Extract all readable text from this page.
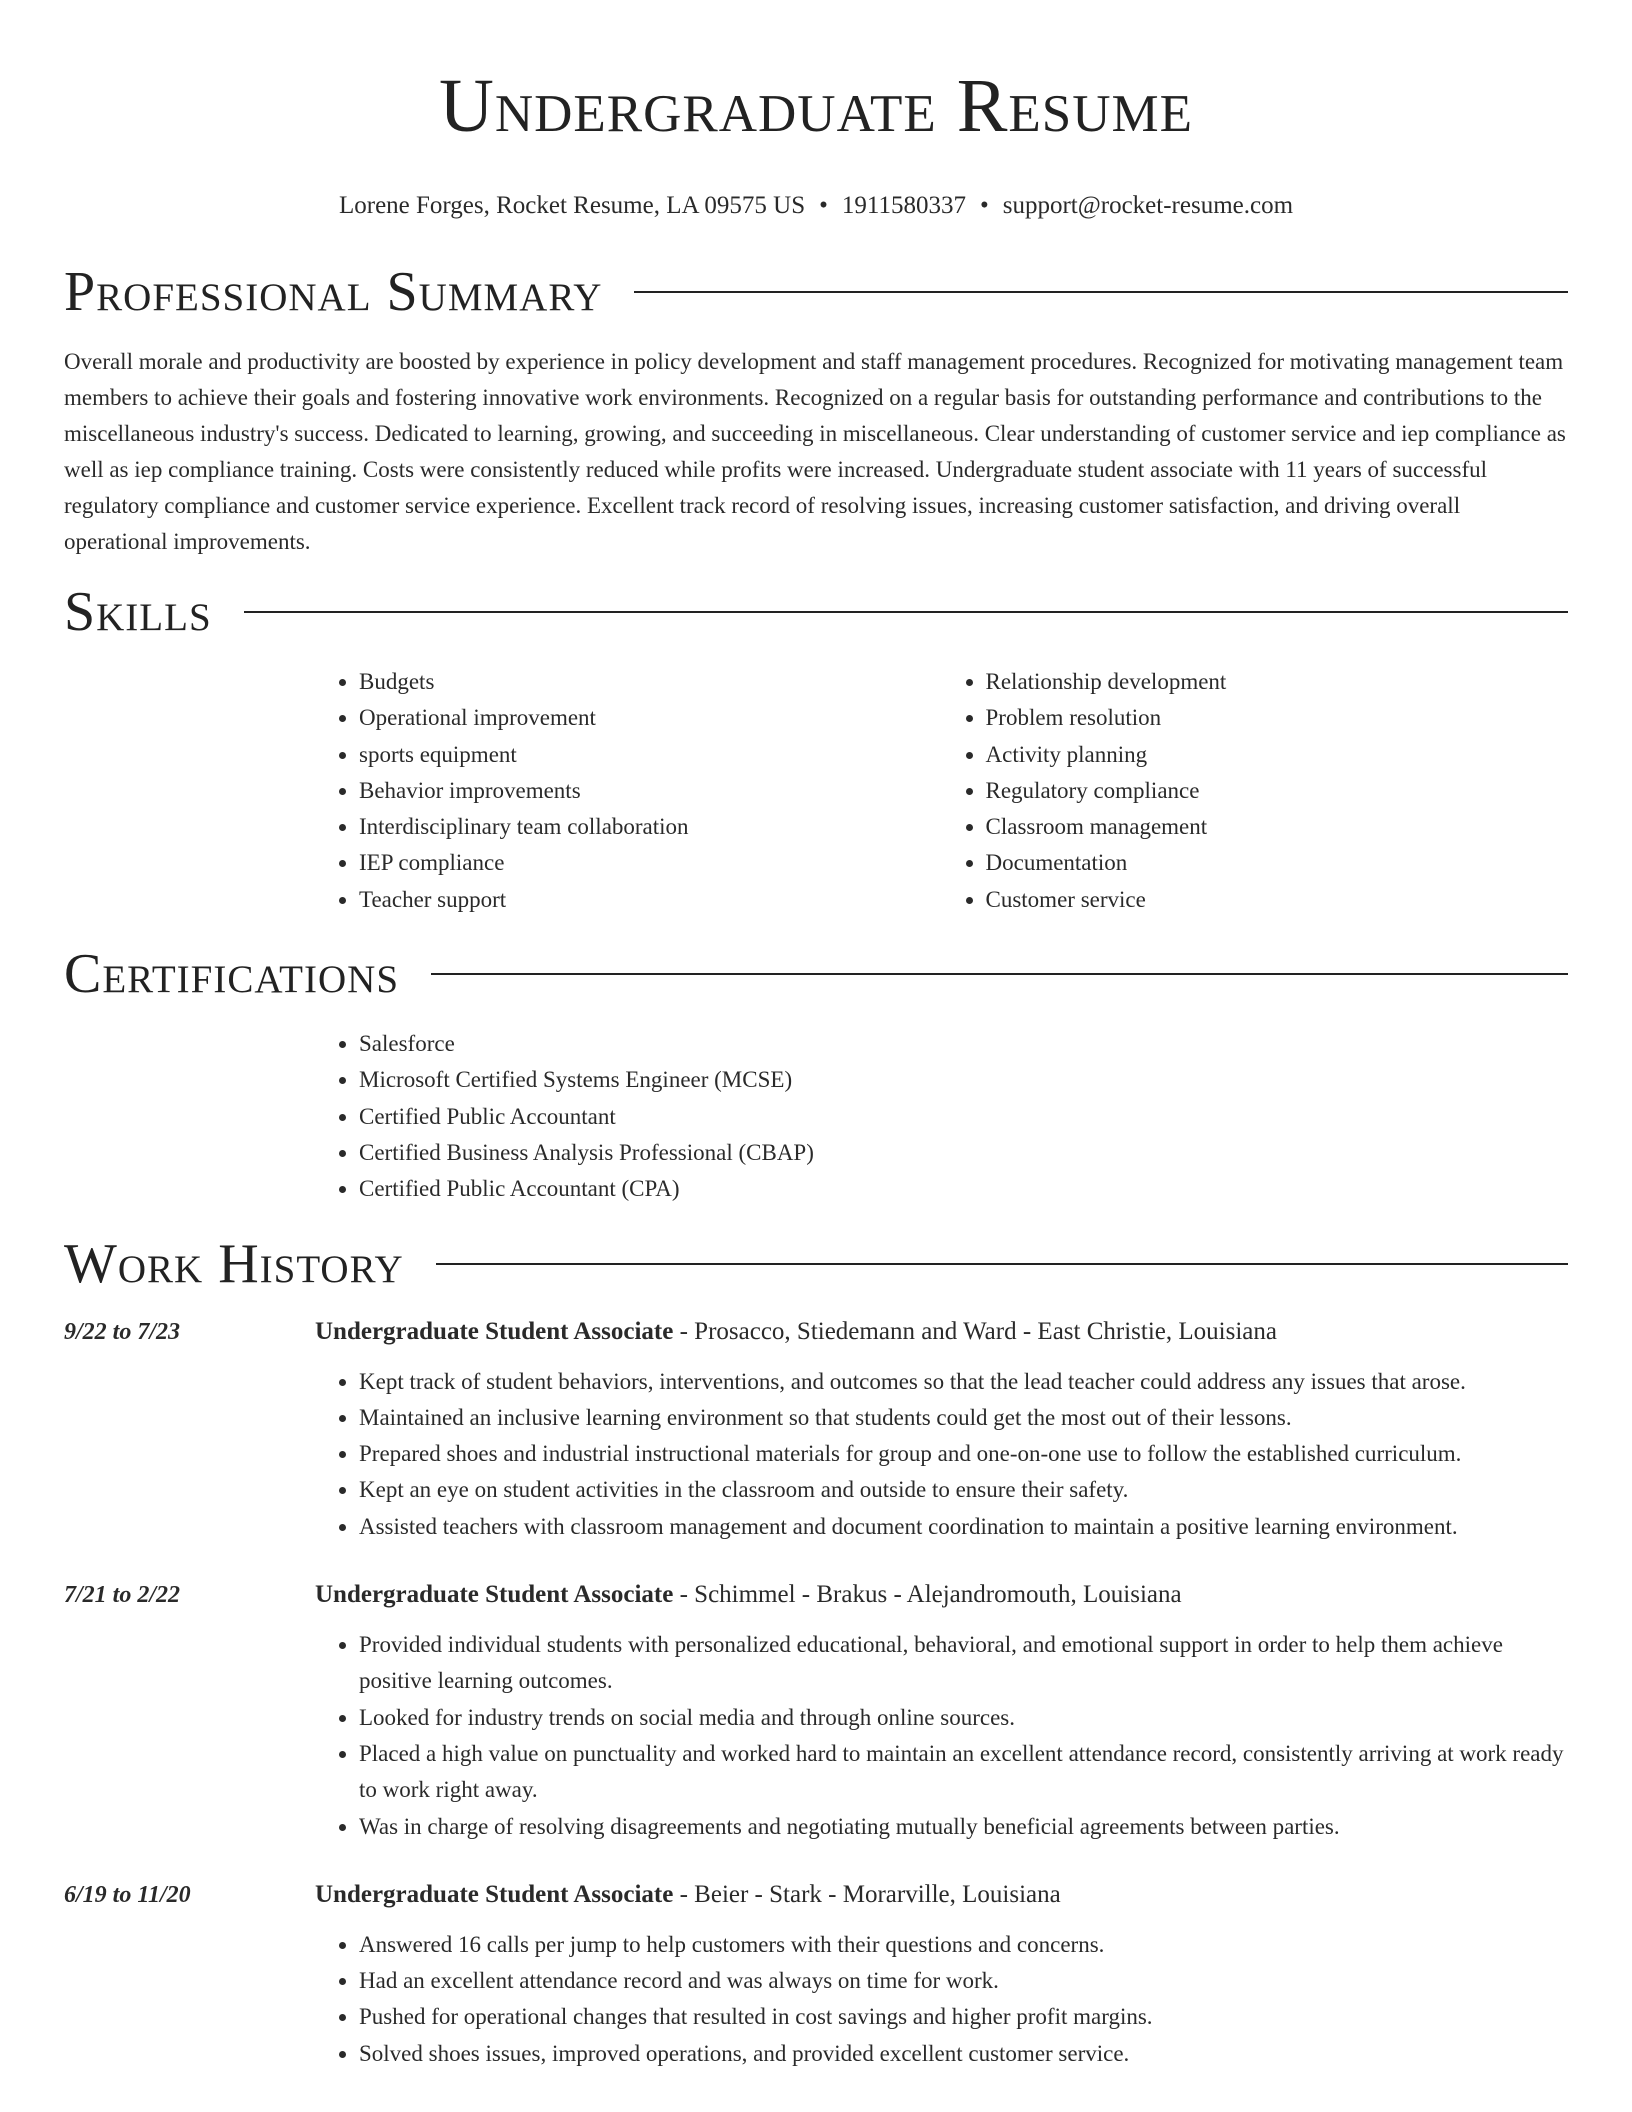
Undergraduate Resume
Lorene Forges, Rocket Resume, LA 09575 US • 1911580337 • support@rocket-resume.com
Professional Summary

Overall morale and productivity are boosted by experience in policy development and staff management procedures. Recognized for motivating management team members to achieve their goals and fostering innovative work environments. Recognized on a regular basis for outstanding performance and contributions to the miscellaneous industry's success. Dedicated to learning, growing, and succeeding in miscellaneous. Clear understanding of customer service and iep compliance as well as iep compliance training. Costs were consistently reduced while profits were increased. Undergraduate student associate with 11 years of successful regulatory compliance and customer service experience. Excellent track record of resolving issues, increasing customer satisfaction, and driving overall operational improvements.

Skills
• Budgets
• Operational improvement
• sports equipment
• Behavior improvements
• Interdisciplinary team collaboration
• IEP compliance
• Teacher support
• Relationship development
• Problem resolution
• Activity planning
• Regulatory compliance
• Classroom management
• Documentation
• Customer service
Certifications
• Salesforce
• Microsoft Certified Systems Engineer (MCSE)
• Certified Public Accountant
• Certified Business Analysis Professional (CBAP)
• Certified Public Accountant (CPA)
Work History
9/22 to 7/23	Undergraduate Student Associate - Prosacco, Stiedemann and Ward - East Christie, Louisiana
• Kept track of student behaviors, interventions, and outcomes so that the lead teacher could address any issues that arose.
• Maintained an inclusive learning environment so that students could get the most out of their lessons.
• Prepared shoes and industrial instructional materials for group and one-on-one use to follow the established curriculum.
• Kept an eye on student activities in the classroom and outside to ensure their safety.
• Assisted teachers with classroom management and document coordination to maintain a positive learning environment.
7/21 to 2/22	Undergraduate Student Associate - Schimmel - Brakus - Alejandromouth, Louisiana
• Provided individual students with personalized educational, behavioral, and emotional support in order to help them achieve positive learning outcomes.
• Looked for industry trends on social media and through online sources.
• Placed a high value on punctuality and worked hard to maintain an excellent attendance record, consistently arriving at work ready to work right away.
• Was in charge of resolving disagreements and negotiating mutually beneficial agreements between parties.
6/19 to 11/20	Undergraduate Student Associate - Beier - Stark - Morarville, Louisiana
• Answered 16 calls per jump to help customers with their questions and concerns.
• Had an excellent attendance record and was always on time for work.
• Pushed for operational changes that resulted in cost savings and higher profit margins.
• Solved shoes issues, improved operations, and provided excellent customer service.
